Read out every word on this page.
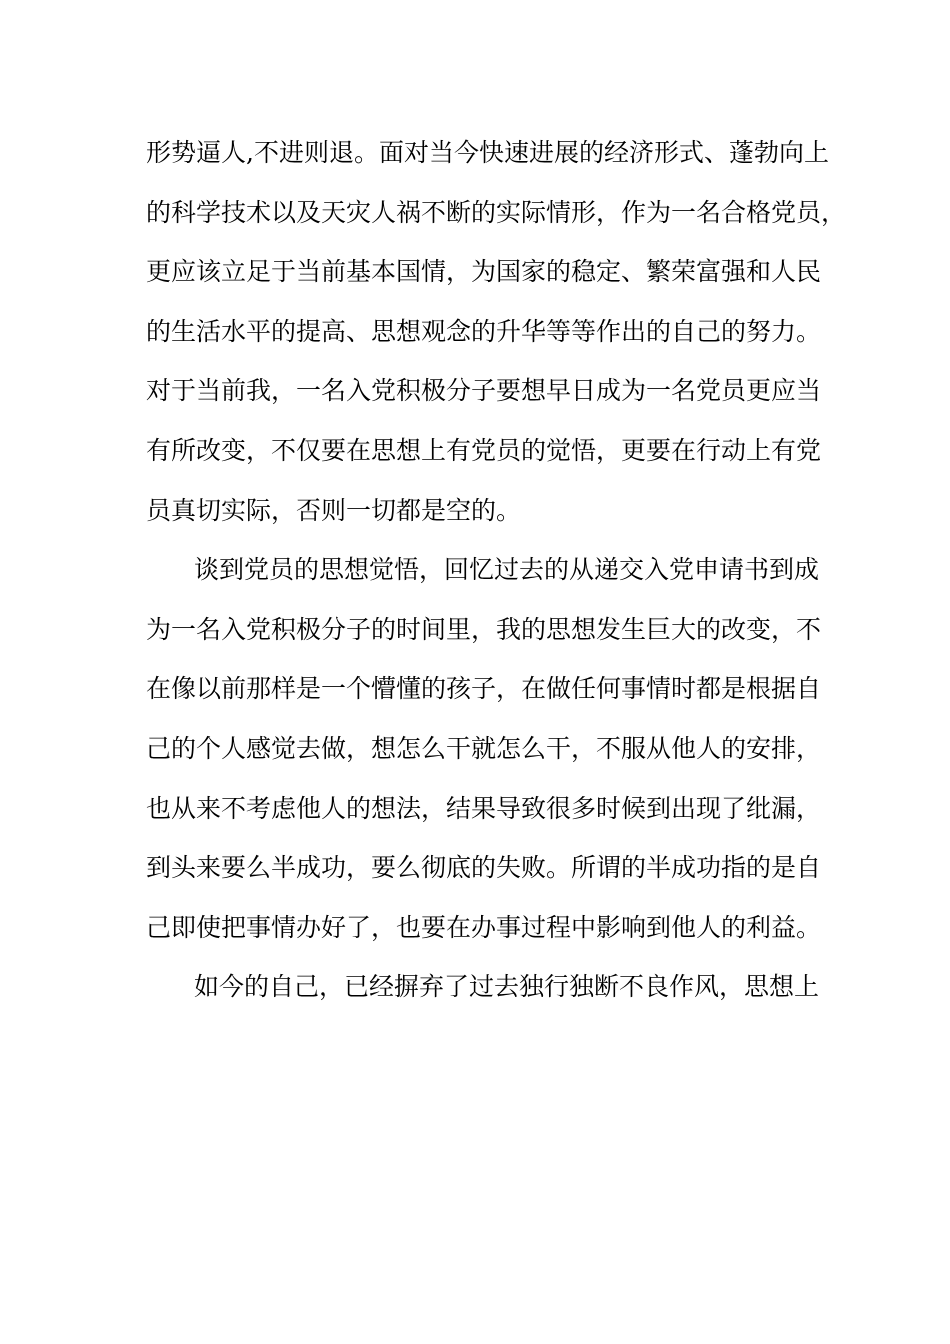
形势逼人,不进则退。面对当今快速进展的经济形式、蓬勃向上
的科学技术以及天灾人祸不断的实际情形，作为一名合格党员，
更应该立足于当前基本国情，为国家的稳定、繁荣富强和人民
的生活水平的提高、思想观念的升华等等作出的自己的努力。
对于当前我，一名入党积极分子要想早日成为一名党员更应当
有所改变，不仅要在思想上有党员的觉悟，更要在行动上有党
员真切实际，否则一切都是空的。
谈到党员的思想觉悟，回忆过去的从递交入党申请书到成
为一名入党积极分子的时间里，我的思想发生巨大的改变，不
在像以前那样是一个懵懂的孩子，在做任何事情时都是根据自
己的个人感觉去做，想怎么干就怎么干，不服从他人的安排，
也从来不考虑他人的想法，结果导致很多时候到出现了纰漏，
到头来要么半成功，要么彻底的失败。所谓的半成功指的是自
己即使把事情办好了，也要在办事过程中影响到他人的利益。
如今的自己，已经摒弃了过去独行独断不良作风，思想上
